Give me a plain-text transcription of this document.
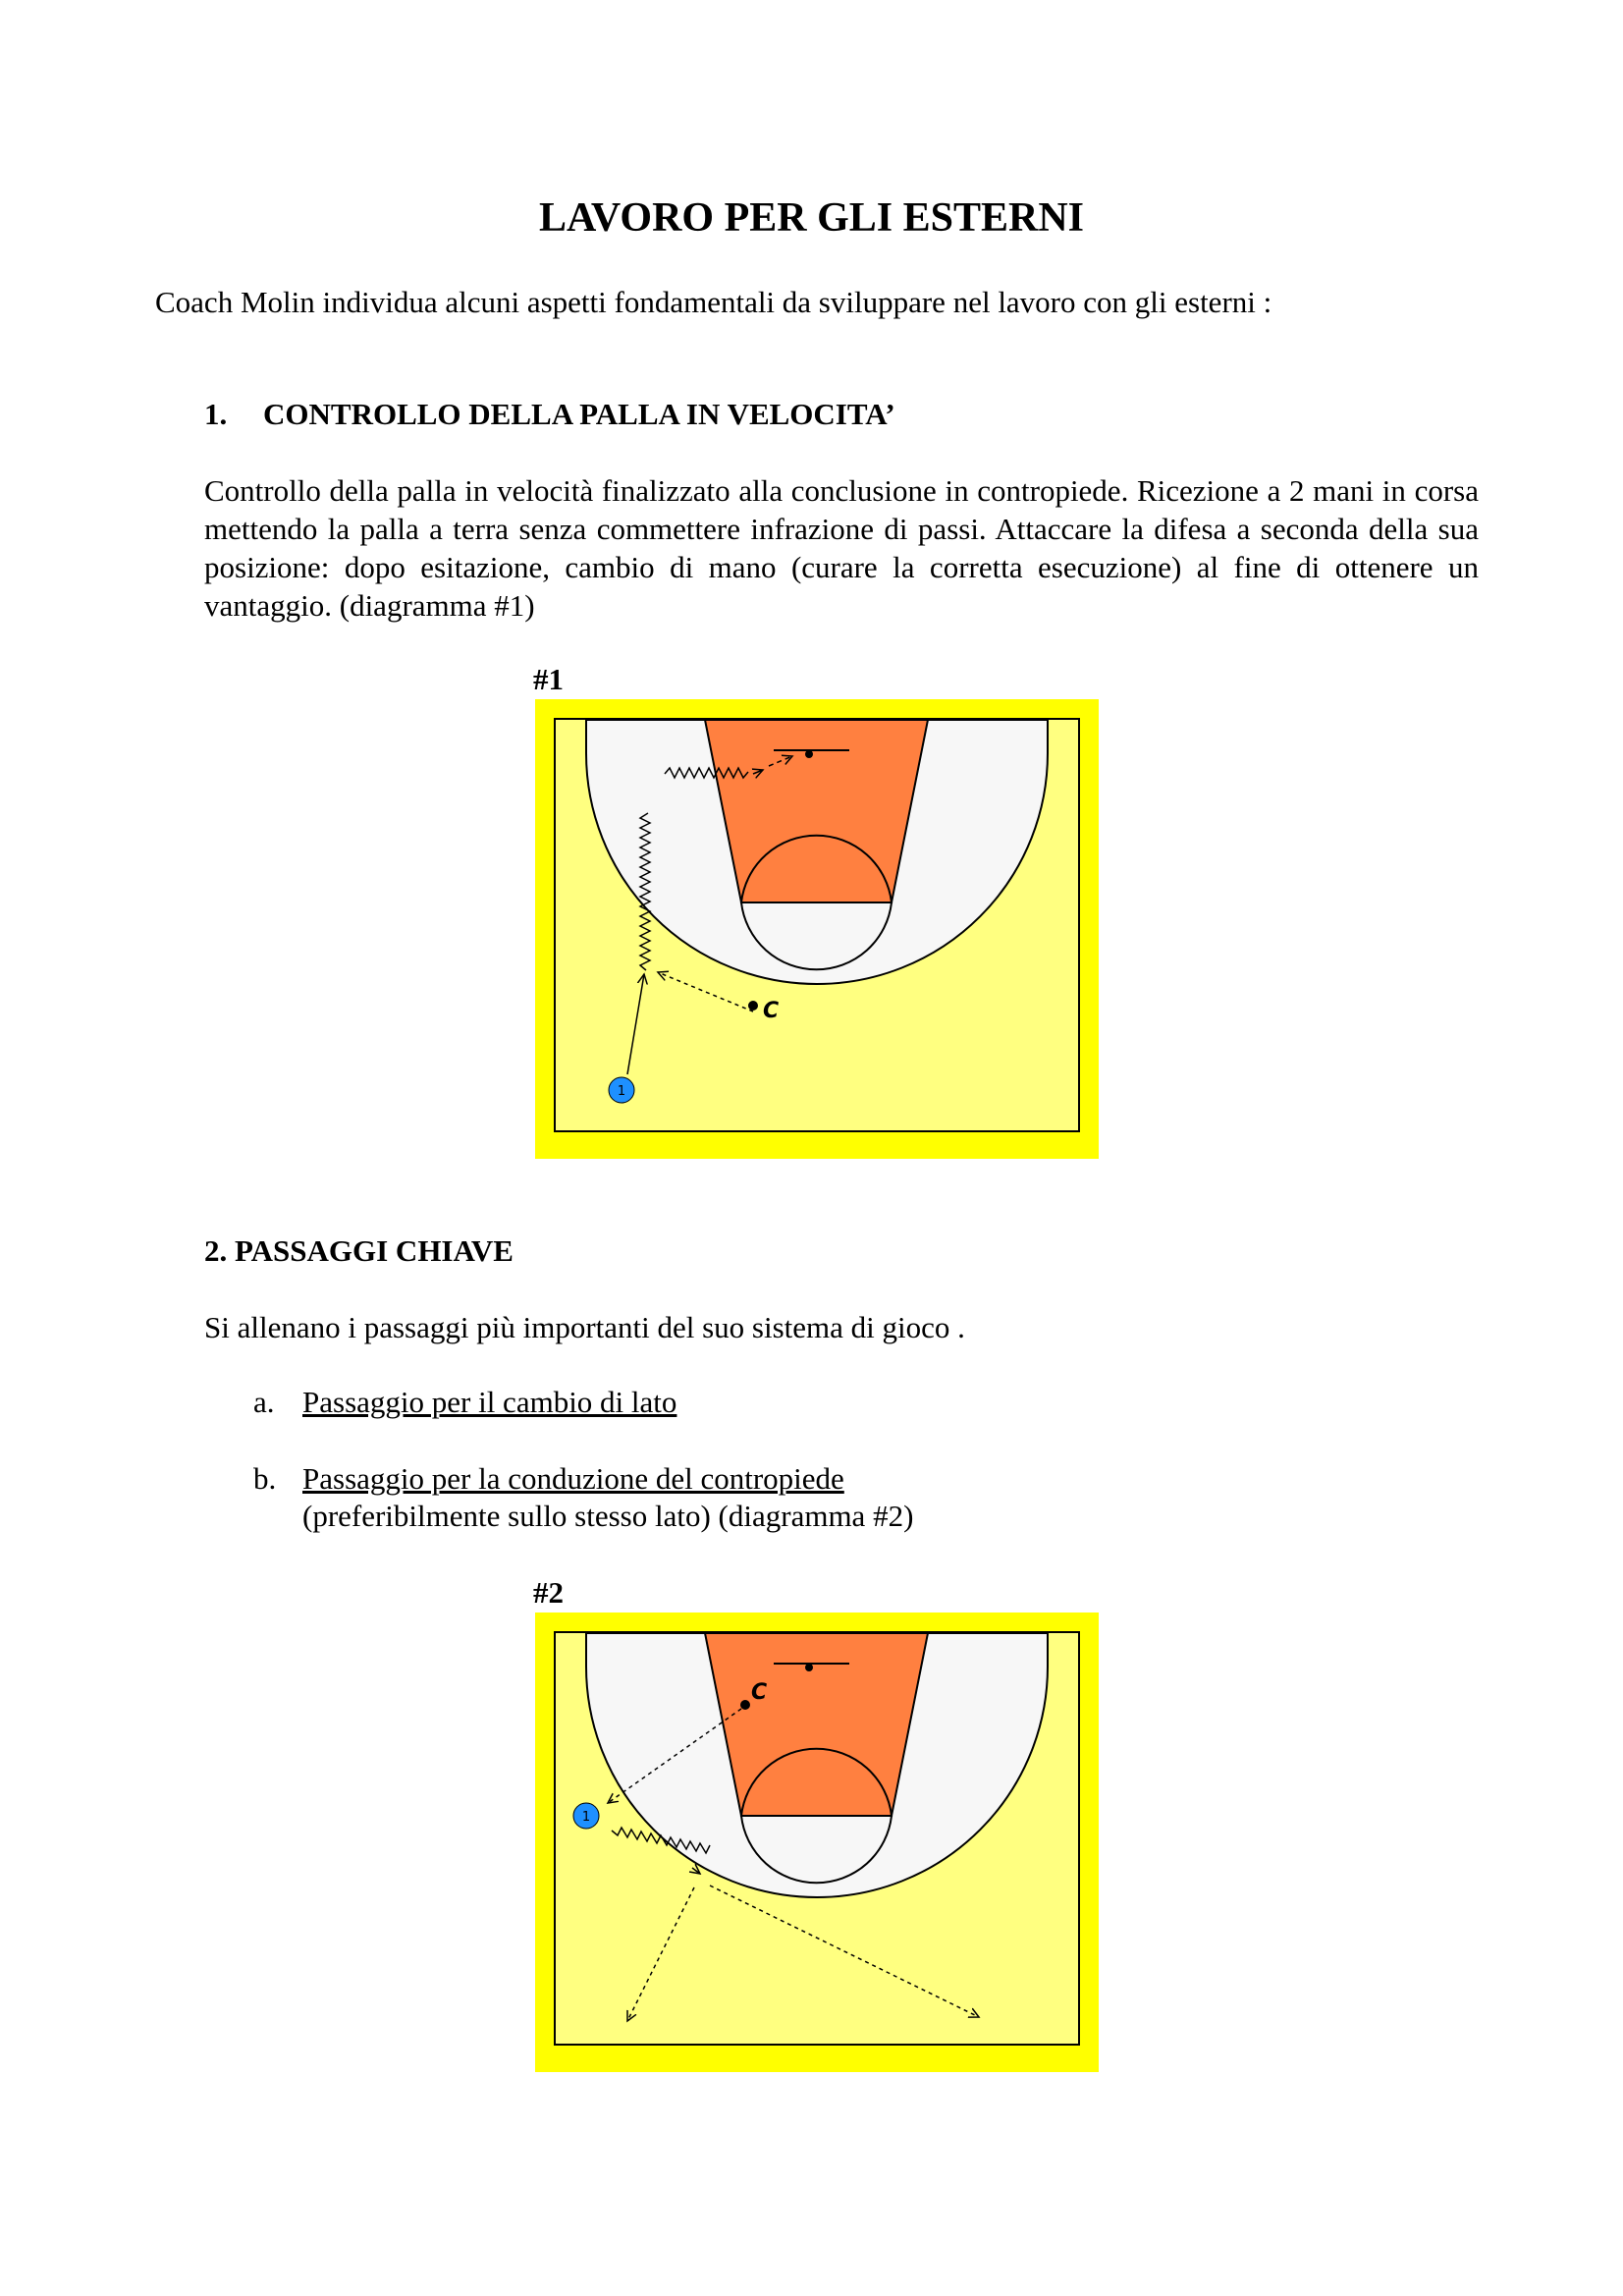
LAVORO PER GLI ESTERNI

Coach Molin individua alcuni aspetti fondamentali da sviluppare nel lavoro con gli esterni :

1. CONTROLLO DELLA PALLA IN VELOCITA’

Controllo della palla in velocità finalizzato alla conclusione in contropiede. Ricezione a 2 mani in corsa mettendo la palla a terra senza commettere infrazione di passi. Attaccare la difesa a seconda della sua posizione: dopo esitazione, cambio di mano (curare la corretta esecuzione) al fine di ottenere un vantaggio. (diagramma #1)

#1

C
1

2. PASSAGGI CHIAVE

Si allenano i passaggi più importanti del suo sistema di gioco .

a. Passaggio per il cambio di lato

b. Passaggio per la conduzione del contropiede

(preferibilmente sullo stesso lato) (diagramma #2)

#2

C
1
